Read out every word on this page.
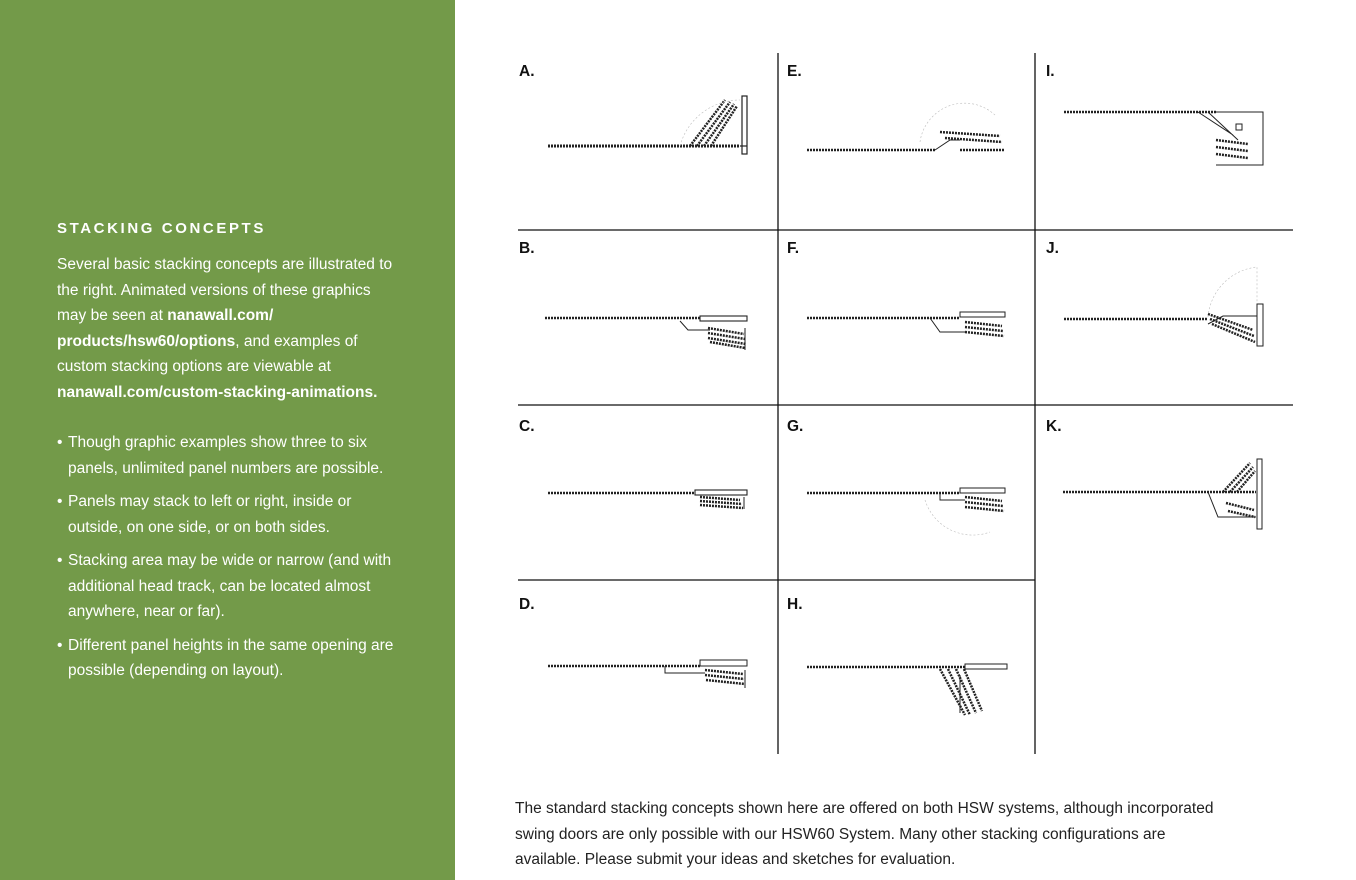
STACKING CONCEPTS

Several basic stacking concepts are illustrated to the right. Animated versions of these graphics may be seen at nanawall.com/ products/hsw60/options, and examples of custom stacking options are viewable at nanawall.com/custom-stacking-animations.

• Though graphic examples show three to six panels, unlimited panel numbers are possible.
• Panels may stack to left or right, inside or outside, on one side, or on both sides.
• Stacking area may be wide or narrow (and with additional head track, can be located almost anywhere, near or far).
• Different panel heights in the same opening are possible (depending on layout).
A.
B.
C.
D.
E.
F.
G.
H.
I.
J.
K.

The standard stacking concepts shown here are offered on both HSW systems, although incorporated swing doors are only possible with our HSW60 System. Many other stacking configurations are available. Please submit your ideas and sketches for evaluation.
